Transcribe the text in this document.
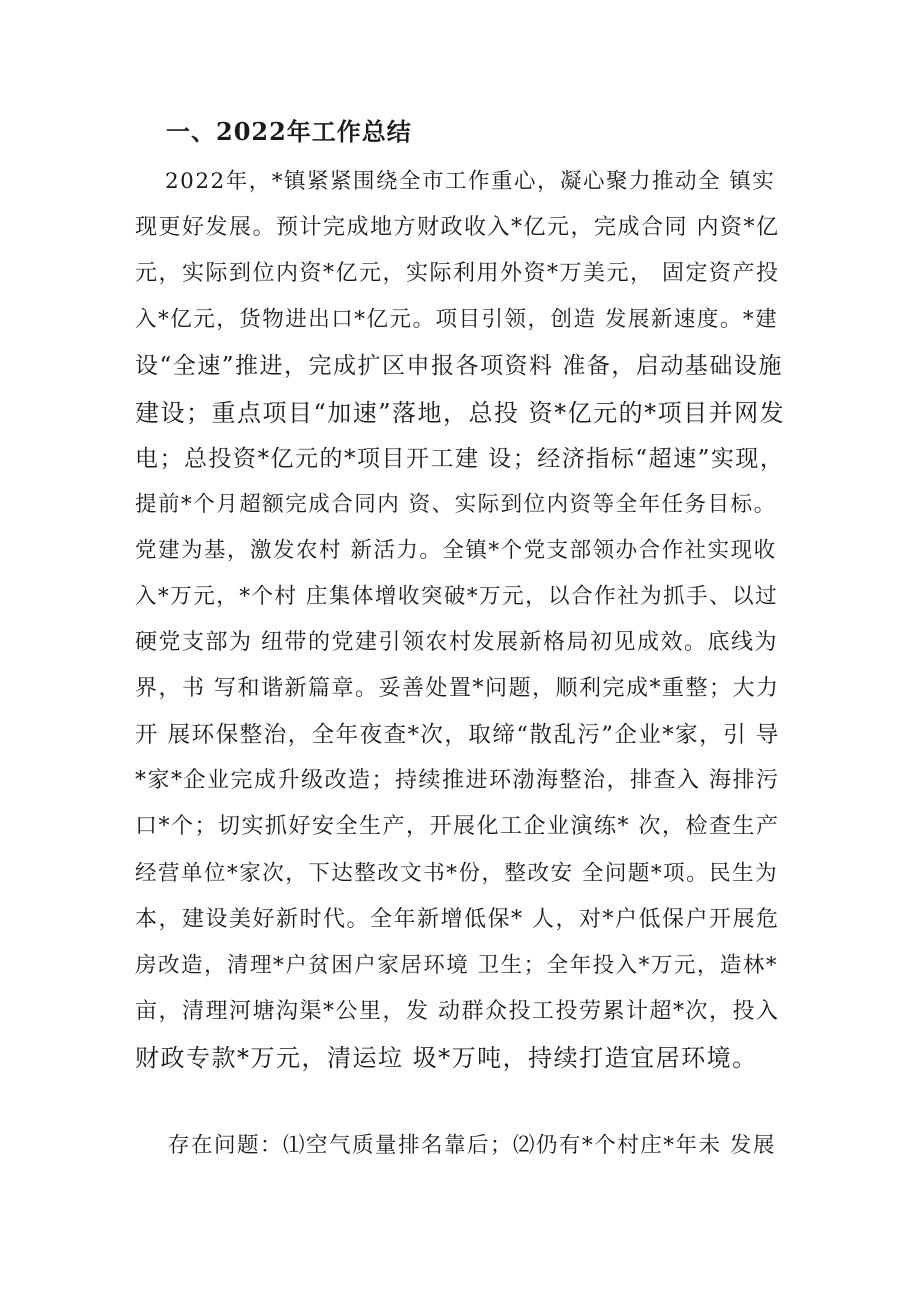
一、2022年工作总结
2022年，*镇紧紧围绕全市工作重心，凝心聚力推动全 镇实
现更好发展。预计完成地方财政收入*亿元，完成合同 内资*亿
元，实际到位内资*亿元，实际利用外资*万美元， 固定资产投
入*亿元，货物进出口*亿元。项目引领，创造 发展新速度。*建
设“全速”推进，完成扩区申报各项资料 准备，启动基础设施
建设；重点项目“加速”落地，总投 资*亿元的*项目并网发
电；总投资*亿元的*项目开工建 设；经济指标“超速”实现，
提前*个月超额完成合同内 资、实际到位内资等全年任务目标。
党建为基，激发农村 新活力。全镇*个党支部领办合作社实现收
入*万元，*个村 庄集体增收突破*万元，以合作社为抓手、以过
硬党支部为 纽带的党建引领农村发展新格局初见成效。底线为
界，书 写和谐新篇章。妥善处置*问题，顺利完成*重整；大力
开 展环保整治，全年夜查*次，取缔“散乱污”企业*家，引 导
*家*企业完成升级改造；持续推进环渤海整治，排查入 海排污
口*个；切实抓好安全生产，开展化工企业演练* 次，检查生产
经营单位*家次，下达整改文书*份，整改安 全问题*项。民生为
本，建设美好新时代。全年新增低保* 人，对*户低保户开展危
房改造，清理*户贫困户家居环境 卫生；全年投入*万元，造林*
亩，清理河塘沟渠*公里，发 动群众投工投劳累计超*次，投入
财政专款*万元，清运垃 圾*万吨，持续打造宜居环境。
存在问题：⑴空气质量排名靠后；⑵仍有*个村庄*年未 发展
